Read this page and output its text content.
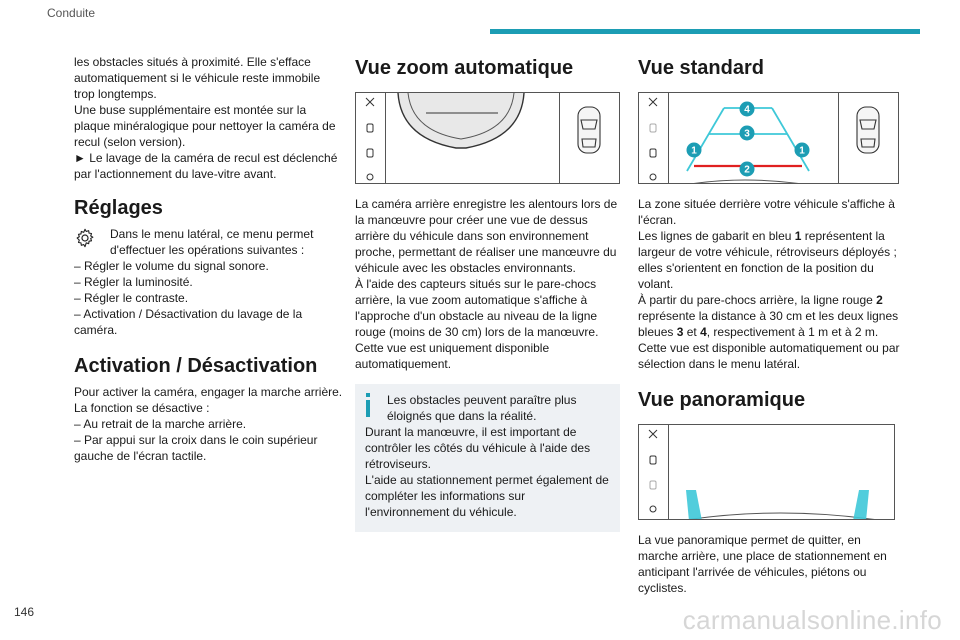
Conduite
les obstacles situés à proximité. Elle s'efface automatiquement si le véhicule reste immobile trop longtemps.
Une buse supplémentaire est montée sur la plaque minéralogique pour nettoyer la caméra de recul (selon version).
► Le lavage de la caméra de recul est déclenché par l'actionnement du lave-vitre avant.
Réglages
Dans le menu latéral, ce menu permet d'effectuer les opérations suivantes :
– Régler le volume du signal sonore.
– Régler la luminosité.
– Régler le contraste.
– Activation / Désactivation du lavage de la caméra.
Activation / Désactivation
Pour activer la caméra, engager la marche arrière.
La fonction se désactive :
– Au retrait de la marche arrière.
– Par appui sur la croix dans le coin supérieur gauche de l'écran tactile.
Vue zoom automatique
La caméra arrière enregistre les alentours lors de la manœuvre pour créer une vue de dessus arrière du véhicule dans son environnement proche, permettant de réaliser une manœuvre du véhicule avec les obstacles environnants.
À l'aide des capteurs situés sur le pare-chocs arrière, la vue zoom automatique s'affiche à l'approche d'un obstacle au niveau de la ligne rouge (moins de 30 cm) lors de la manœuvre.
Cette vue est uniquement disponible automatiquement.
Les obstacles peuvent paraître plus éloignés que dans la réalité.
Durant la manœuvre, il est important de contrôler les côtés du véhicule à l'aide des rétroviseurs.
L'aide au stationnement permet également de compléter les informations sur l'environnement du véhicule.
Vue standard
4
3
1	1
2
La zone située derrière votre véhicule s'affiche à l'écran.
Les lignes de gabarit en bleu 1 représentent la largeur de votre véhicule, rétroviseurs déployés ; elles s'orientent en fonction de la position du volant.
À partir du pare-chocs arrière, la ligne rouge 2 représente la distance à 30 cm et les deux lignes bleues 3 et 4, respectivement à 1 m et à 2 m.
Cette vue est disponible automatiquement ou par sélection dans le menu latéral.
Vue panoramique
La vue panoramique permet de quitter, en marche arrière, une place de stationnement en anticipant l'arrivée de véhicules, piétons ou cyclistes.
146	carmanualsonline.info
